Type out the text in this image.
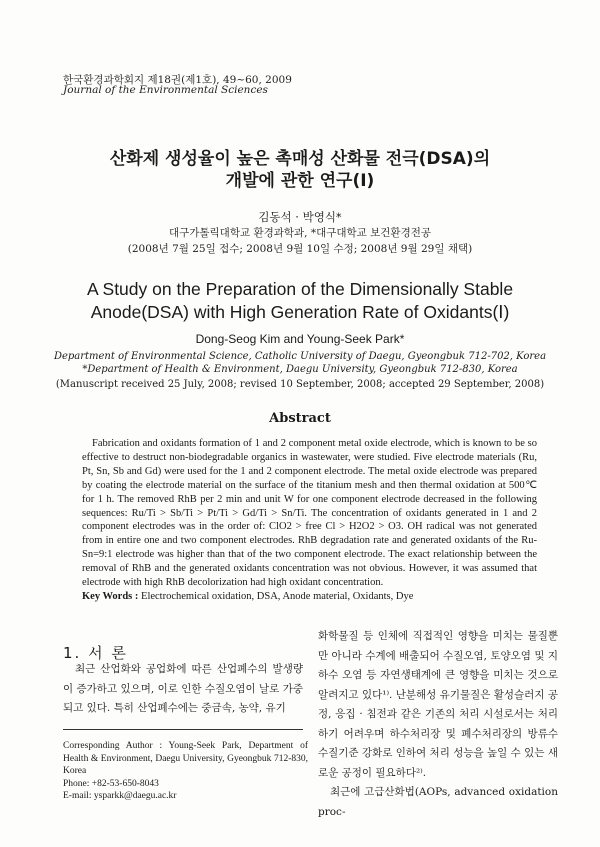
한국환경과학회지 제18권(제1호), 49~60, 2009
Journal of the Environmental Sciences
산화제 생성율이 높은 촉매성 산화물 전극(DSA)의
개발에 관한 연구(Ⅰ)
김동석 · 박영식*
대구가톨릭대학교 환경과학과, *대구대학교 보건환경전공
(2008년 7월 25일 접수; 2008년 9월 10일 수정; 2008년 9월 29일 채택)
A Study on the Preparation of the Dimensionally Stable
Anode(DSA) with High Generation Rate of Oxidants(Ⅰ)
Dong-Seog Kim and Young-Seek Park*
Department of Environmental Science, Catholic University of Daegu, Gyeongbuk 712-702, Korea
*Department of Health & Environment, Daegu University, Gyeongbuk 712-830, Korea
(Manuscript received 25 July, 2008; revised 10 September, 2008; accepted 29 September, 2008)
Abstract

Fabrication and oxidants formation of 1 and 2 component metal oxide electrode, which is known to be so effective to destruct non-biodegradable organics in wastewater, were studied. Five electrode materials (Ru, Pt, Sn, Sb and Gd) were used for the 1 and 2 component electrode. The metal oxide electrode was prepared by coating the electrode material on the surface of the titanium mesh and then thermal oxidation at 500℃ for 1 h. The removed RhB per 2 min and unit W for one component electrode decreased in the following sequences: Ru/Ti > Sb/Ti > Pt/Ti > Gd/Ti > Sn/Ti. The concentration of oxidants generated in 1 and 2 component electrodes was in the order of: ClO2 > free Cl > H2O2 > O3. OH radical was not generated from in entire one and two component electrodes. RhB degradation rate and generated oxidants of the Ru-Sn=9:1 electrode was higher than that of the two component electrode. The exact relationship between the removal of RhB and the generated oxidants concentration was not obvious. However, it was assumed that electrode with high RhB decolorization had high oxidant concentration.

Key Words : Electrochemical oxidation, DSA, Anode material, Oxidants, Dye
1. 서 론

최근 산업화와 공업화에 따른 산업폐수의 발생량이 증가하고 있으며, 이로 인한 수질오염이 날로 가중되고 있다. 특히 산업폐수에는 중금속, 농약, 유기

Corresponding Author : Young-Seek Park, Department of Health & Environment, Daegu University, Gyeongbuk 712-830, Korea
Phone: +82-53-650-8043
E-mail: ysparkk@daegu.ac.kr

화학물질 등 인체에 직접적인 영향을 미치는 물질뿐만 아니라 수계에 배출되어 수질오염, 토양오염 및 지하수 오염 등 자연생태계에 큰 영향을 미치는 것으로 알려지고 있다¹⁾. 난분해성 유기물질은 활성슬러지 공정, 응집 · 침전과 같은 기존의 처리 시설로서는 처리하기 어려우며 하수처리장 및 폐수처리장의 방류수 수질기준 강화로 인하여 처리 성능을 높일 수 있는 새로운 공정이 필요하다²⁾.

최근에 고급산화법(AOPs, advanced oxidation proc-
